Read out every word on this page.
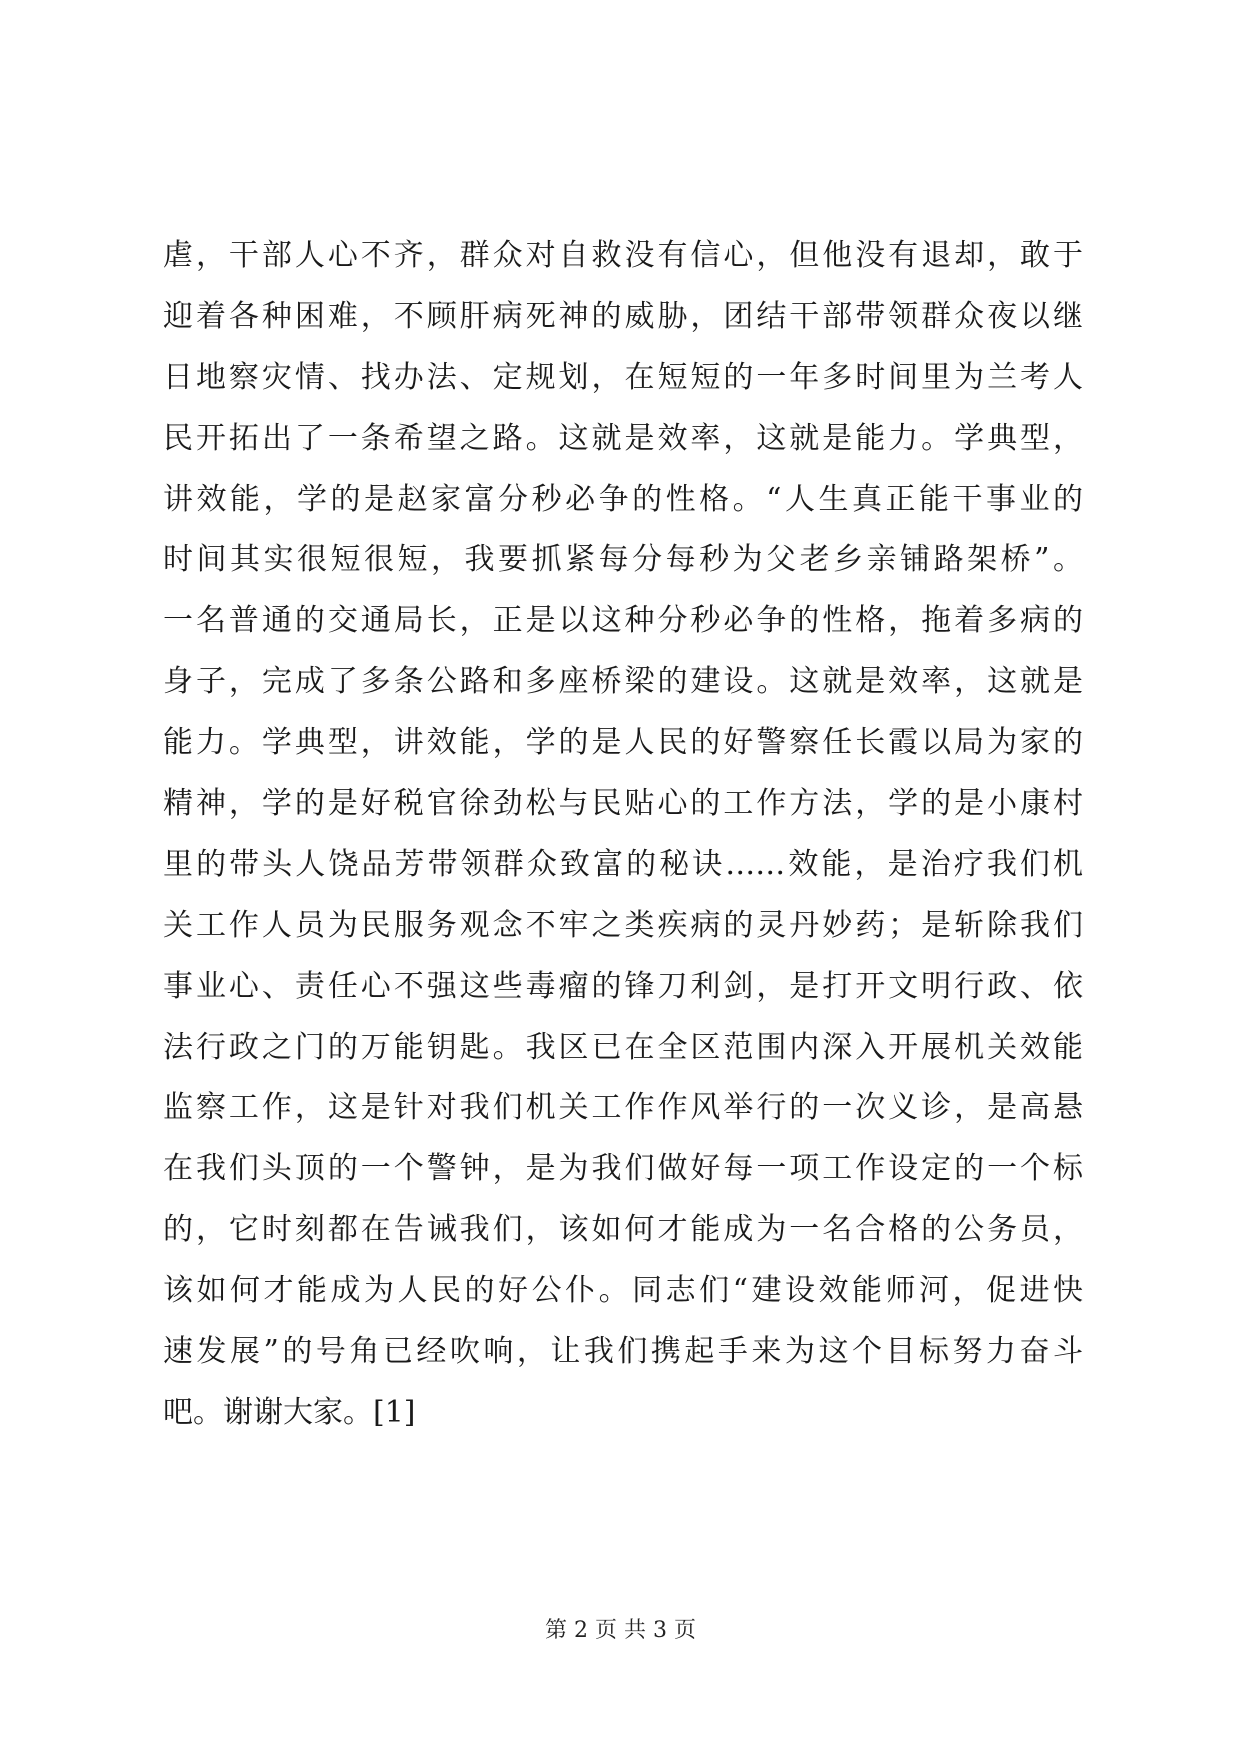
虐，干部人心不齐，群众对自救没有信心，但他没有退却，敢于
迎着各种困难，不顾肝病死神的威胁，团结干部带领群众夜以继
日地察灾情、找办法、定规划，在短短的一年多时间里为兰考人
民开拓出了一条希望之路。这就是效率，这就是能力。学典型，
讲效能，学的是赵家富分秒必争的性格。“人生真正能干事业的
时间其实很短很短，我要抓紧每分每秒为父老乡亲铺路架桥”。
一名普通的交通局长，正是以这种分秒必争的性格，拖着多病的
身子，完成了多条公路和多座桥梁的建设。这就是效率，这就是
能力。学典型，讲效能，学的是人民的好警察任长霞以局为家的
精神，学的是好税官徐劲松与民贴心的工作方法，学的是小康村
里的带头人饶品芳带领群众致富的秘诀……效能，是治疗我们机
关工作人员为民服务观念不牢之类疾病的灵丹妙药；是斩除我们
事业心、责任心不强这些毒瘤的锋刀利剑，是打开文明行政、依
法行政之门的万能钥匙。我区已在全区范围内深入开展机关效能
监察工作，这是针对我们机关工作作风举行的一次义诊，是高悬
在我们头顶的一个警钟，是为我们做好每一项工作设定的一个标
的，它时刻都在告诫我们，该如何才能成为一名合格的公务员，
该如何才能成为人民的好公仆。同志们“建设效能师河，促进快
速发展”的号角已经吹响，让我们携起手来为这个目标努力奋斗
吧。谢谢大家。[1]
第 2 页 共 3 页
